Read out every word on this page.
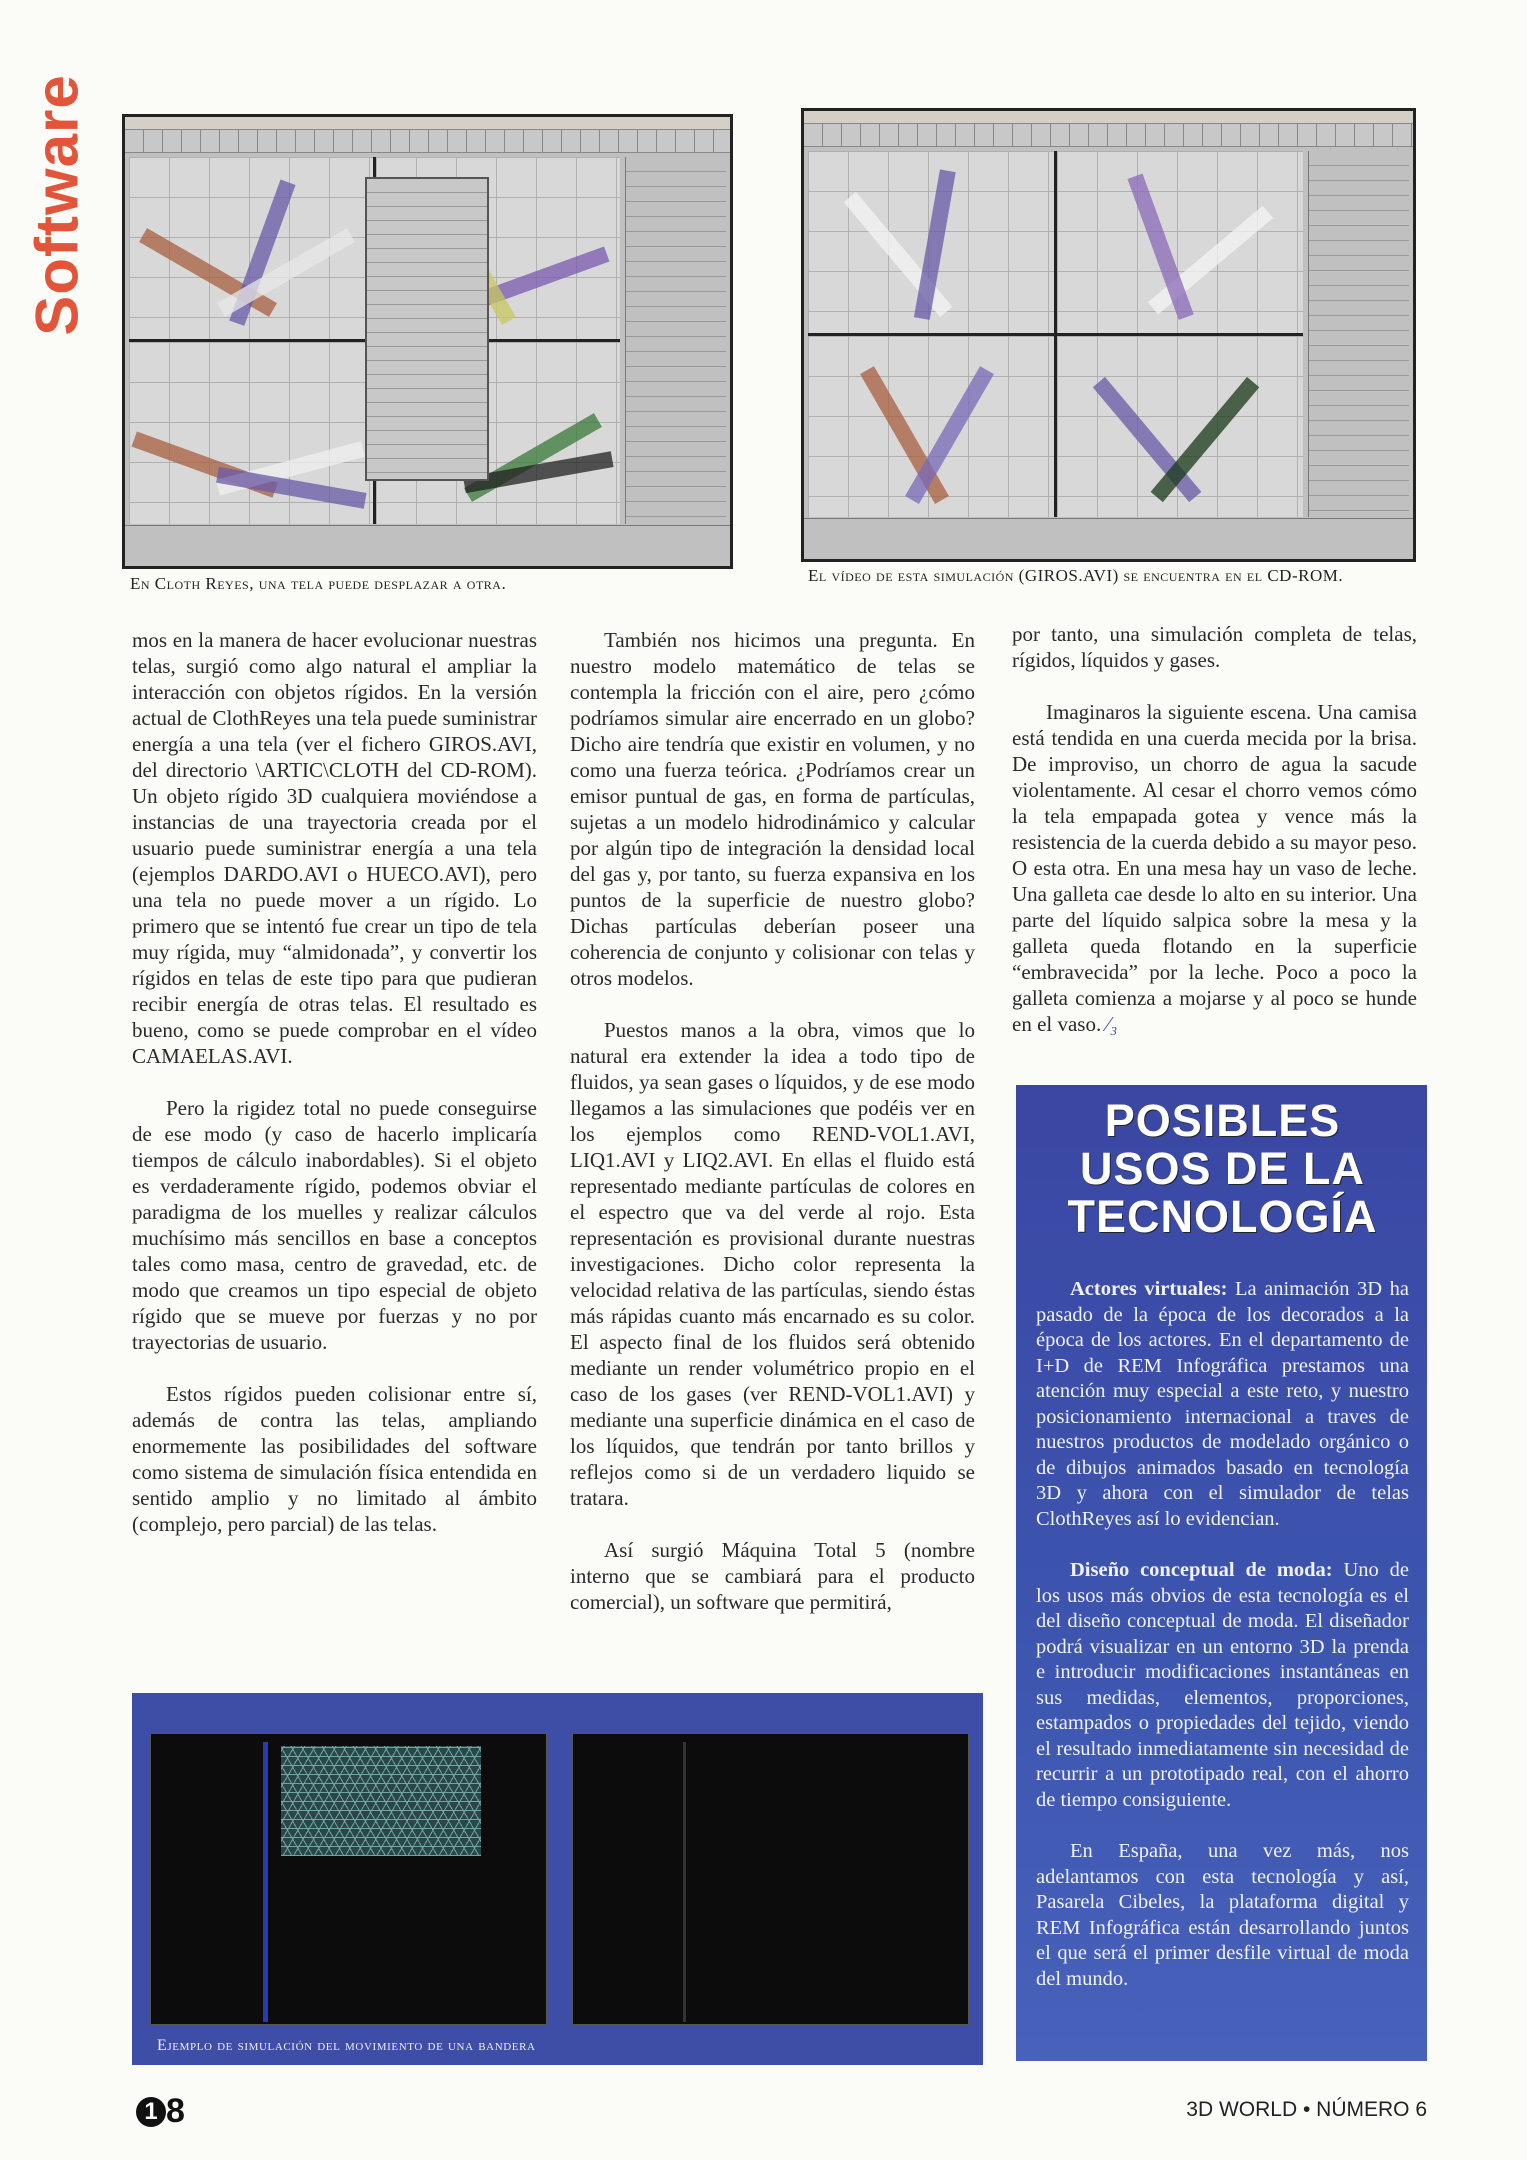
Software
En Cloth Reyes, una tela puede desplazar a otra.	El vídeo de esta simulación (GIROS.AVI) se encuentra en el CD-ROM.

mos en la manera de hacer evolucionar nuestras telas, surgió como algo natural el ampliar la interacción con objetos rígidos. En la versión actual de ClothReyes una tela puede suministrar energía a una tela (ver el fichero GIROS.AVI, del directorio \ARTIC\CLOTH del CD-ROM). Un objeto rígido 3D cualquiera moviéndose a instancias de una trayectoria creada por el usuario puede suministrar energía a una tela (ejemplos DARDO.AVI o HUECO.AVI), pero una tela no puede mover a un rígido. Lo primero que se intentó fue crear un tipo de tela muy rígida, muy “almidonada”, y convertir los rígidos en telas de este tipo para que pudieran recibir energía de otras telas. El resultado es bueno, como se puede comprobar en el vídeo CAMAELAS.AVI.

Pero la rigidez total no puede conseguirse de ese modo (y caso de hacerlo implicaría tiempos de cálculo inabordables). Si el objeto es verdaderamente rígido, podemos obviar el paradigma de los muelles y realizar cálculos muchísimo más sencillos en base a conceptos tales como masa, centro de gravedad, etc. de modo que creamos un tipo especial de objeto rígido que se mueve por fuerzas y no por trayectorias de usuario.

Estos rígidos pueden colisionar entre sí, además de contra las telas, ampliando enormemente las posibilidades del software como sistema de simulación física entendida en sentido amplio y no limitado al ámbito (complejo, pero parcial) de las telas.

También nos hicimos una pregunta. En nuestro modelo matemático de telas se contempla la fricción con el aire, pero ¿cómo podríamos simular aire encerrado en un globo? Dicho aire tendría que existir en volumen, y no como una fuerza teórica. ¿Podríamos crear un emisor puntual de gas, en forma de partículas, sujetas a un modelo hidrodinámico y calcular por algún tipo de integración la densidad local del gas y, por tanto, su fuerza expansiva en los puntos de la superficie de nuestro globo? Dichas partículas deberían poseer una coherencia de conjunto y colisionar con telas y otros modelos.

Puestos manos a la obra, vimos que lo natural era extender la idea a todo tipo de fluidos, ya sean gases o líquidos, y de ese modo llegamos a las simulaciones que podéis ver en los ejemplos como REND-VOL1.AVI, LIQ1.AVI y LIQ2.AVI. En ellas el fluido está representado mediante partículas de colores en el espectro que va del verde al rojo. Esta representación es provisional durante nuestras investigaciones. Dicho color representa la velocidad relativa de las partículas, siendo éstas más rápidas cuanto más encarnado es su color. El aspecto final de los fluidos será obtenido mediante un render volumétrico propio en el caso de los gases (ver REND-VOL1.AVI) y mediante una superficie dinámica en el caso de los líquidos, que tendrán por tanto brillos y reflejos como si de un verdadero liquido se tratara.

Así surgió Máquina Total 5 (nombre interno que se cambiará para el producto comercial), un software que permitirá,

por tanto, una simulación completa de telas, rígidos, líquidos y gases.

Imaginaros la siguiente escena. Una camisa está tendida en una cuerda mecida por la brisa. De improviso, un chorro de agua la sacude violentamente. Al cesar el chorro vemos cómo la tela empapada gotea y vence más la resistencia de la cuerda debido a su mayor peso. O esta otra. En una mesa hay un vaso de leche. Una galleta cae desde lo alto en su interior. Una parte del líquido salpica sobre la mesa y la galleta queda flotando en la superficie “embravecida” por la leche. Poco a poco la galleta comienza a mojarse y al poco se hunde en el vaso. ⁄₃

POSIBLES USOS DE LA TECNOLOGÍA

Actores virtuales: La animación 3D ha pasado de la época de los decorados a la época de los actores. En el departamento de I+D de REM Infográfica prestamos una atención muy especial a este reto, y nuestro posicionamiento internacional a traves de nuestros productos de modelado orgánico o de dibujos animados basado en tecnología 3D y ahora con el simulador de telas ClothReyes así lo evidencian.

Diseño conceptual de moda: Uno de los usos más obvios de esta tecnología es el del diseño conceptual de moda. El diseñador podrá visualizar en un entorno 3D la prenda e introducir modificaciones instantáneas en sus medidas, elementos, proporciones, estampados o propiedades del tejido, viendo el resultado inmediatamente sin necesidad de recurrir a un prototipado real, con el ahorro de tiempo consiguiente.

En España, una vez más, nos adelantamos con esta tecnología y así, Pasarela Cibeles, la plataforma digital y REM Infográfica están desarrollando juntos el que será el primer desfile virtual de moda del mundo.

Ejemplo de simulación del movimiento de una bandera
1 8	3D WORLD • NÚMERO 6
